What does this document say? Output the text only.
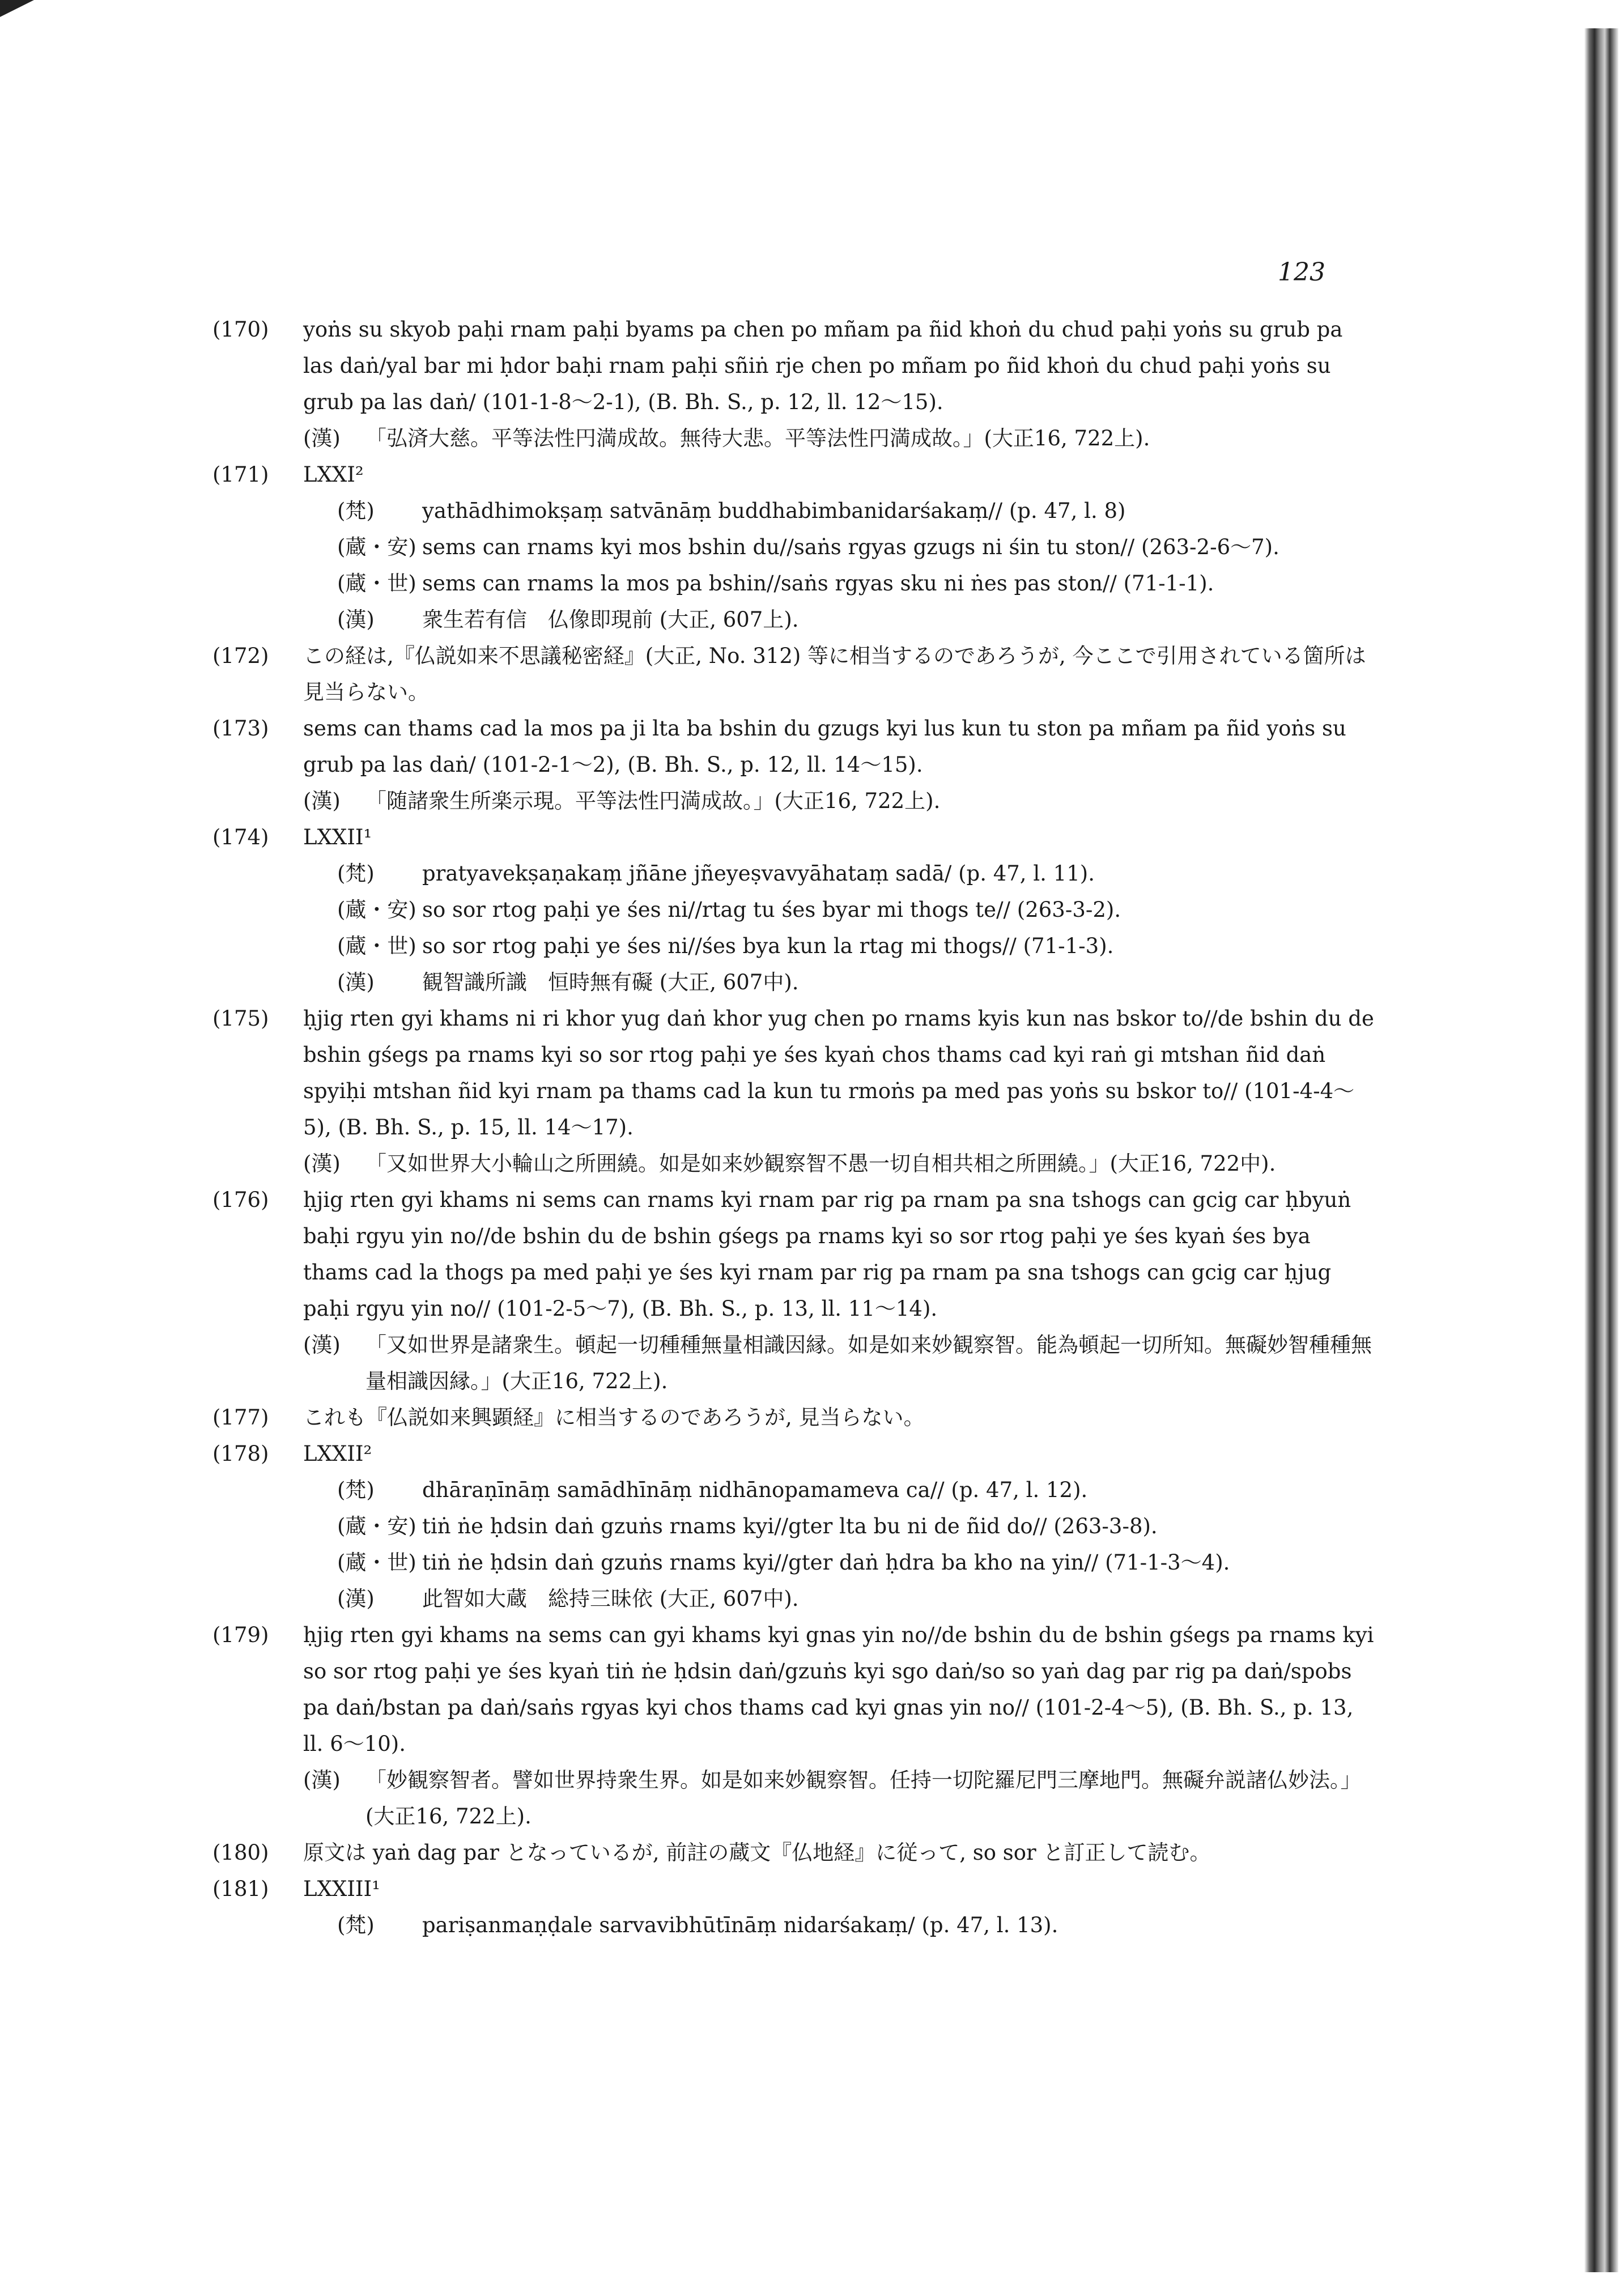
123
(170) yoṅs su skyob paḥi rnam paḥi byams pa chen po mñam pa ñid khoṅ du chud paḥi yoṅs su grub pa las daṅ/yal bar mi ḥdor baḥi rnam paḥi sñiṅ rje chen po mñam po ñid khoṅ du chud paḥi yoṅs su grub pa las daṅ/ (101-1-8～2-1), (B. Bh. S., p. 12, ll. 12～15).
(漢) 「弘済大慈。平等法性円満成故。無待大悲。平等法性円満成故。」(大正16, 722上).
(171) LXXI²
(梵) yathādhimokṣaṃ satvānāṃ buddhabimbanidarśakaṃ// (p. 47, l. 8)
(蔵・安) sems can rnams kyi mos bshin du//saṅs rgyas gzugs ni śin tu ston// (263-2-6～7).
(蔵・世) sems can rnams la mos pa bshin//saṅs rgyas sku ni ṅes pas ston// (71-1-1).
(漢) 衆生若有信　仏像即現前 (大正, 607上).
(172) この経は,『仏説如来不思議秘密経』(大正, No. 312) 等に相当するのであろうが, 今ここで引用されている箇所は見当らない。
(173) sems can thams cad la mos pa ji lta ba bshin du gzugs kyi lus kun tu ston pa mñam pa ñid yoṅs su grub pa las daṅ/ (101-2-1～2), (B. Bh. S., p. 12, ll. 14～15).
(漢) 「随諸衆生所楽示現。平等法性円満成故。」(大正16, 722上).
(174) LXXII¹
(梵) pratyavekṣaṇakaṃ jñāne jñeyeṣvavyāhataṃ sadā/ (p. 47, l. 11).
(蔵・安) so sor rtog paḥi ye śes ni//rtag tu śes byar mi thogs te// (263-3-2).
(蔵・世) so sor rtog paḥi ye śes ni//śes bya kun la rtag mi thogs// (71-1-3).
(漢) 観智識所識　恒時無有礙 (大正, 607中).
(175) ḥjig rten gyi khams ni ri khor yug daṅ khor yug chen po rnams kyis kun nas bskor to//de bshin du de bshin gśegs pa rnams kyi so sor rtog paḥi ye śes kyaṅ chos thams cad kyi raṅ gi mtshan ñid daṅ spyiḥi mtshan ñid kyi rnam pa thams cad la kun tu rmoṅs pa med pas yoṅs su bskor to// (101-4-4～5), (B. Bh. S., p. 15, ll. 14～17).
(漢) 「又如世界大小輪山之所囲繞。如是如来妙観察智不愚一切自相共相之所囲繞。」(大正16, 722中).
(176) ḥjig rten gyi khams ni sems can rnams kyi rnam par rig pa rnam pa sna tshogs can gcig car ḥbyuṅ baḥi rgyu yin no//de bshin du de bshin gśegs pa rnams kyi so sor rtog paḥi ye śes kyaṅ śes bya thams cad la thogs pa med paḥi ye śes kyi rnam par rig pa rnam pa sna tshogs can gcig car ḥjug paḥi rgyu yin no// (101-2-5～7), (B. Bh. S., p. 13, ll. 11～14).
(漢) 「又如世界是諸衆生。頓起一切種種無量相識因縁。如是如来妙観察智。能為頓起一切所知。無礙妙智種種無量相識因縁。」(大正16, 722上).
(177) これも『仏説如来興顕経』に相当するのであろうが, 見当らない。
(178) LXXII²
(梵) dhāraṇīnāṃ samādhīnāṃ nidhānopamameva ca// (p. 47, l. 12).
(蔵・安) tiṅ ṅe ḥdsin daṅ gzuṅs rnams kyi//gter lta bu ni de ñid do// (263-3-8).
(蔵・世) tiṅ ṅe ḥdsin daṅ gzuṅs rnams kyi//gter daṅ ḥdra ba kho na yin// (71-1-3～4).
(漢) 此智如大蔵　総持三昧依 (大正, 607中).
(179) ḥjig rten gyi khams na sems can gyi khams kyi gnas yin no//de bshin du de bshin gśegs pa rnams kyi so sor rtog paḥi ye śes kyaṅ tiṅ ṅe ḥdsin daṅ/gzuṅs kyi sgo daṅ/so so yaṅ dag par rig pa daṅ/spobs pa daṅ/bstan pa daṅ/saṅs rgyas kyi chos thams cad kyi gnas yin no// (101-2-4～5), (B. Bh. S., p. 13, ll. 6～10).
(漢) 「妙観察智者。譬如世界持衆生界。如是如来妙観察智。任持一切陀羅尼門三摩地門。無礙弁説諸仏妙法。」(大正16, 722上).
(180) 原文は yaṅ dag par となっているが, 前註の蔵文『仏地経』に従って, so sor と訂正して読む。
(181) LXXIII¹
(梵) pariṣanmaṇḍale sarvavibhūtīnāṃ nidarśakaṃ/ (p. 47, l. 13).
